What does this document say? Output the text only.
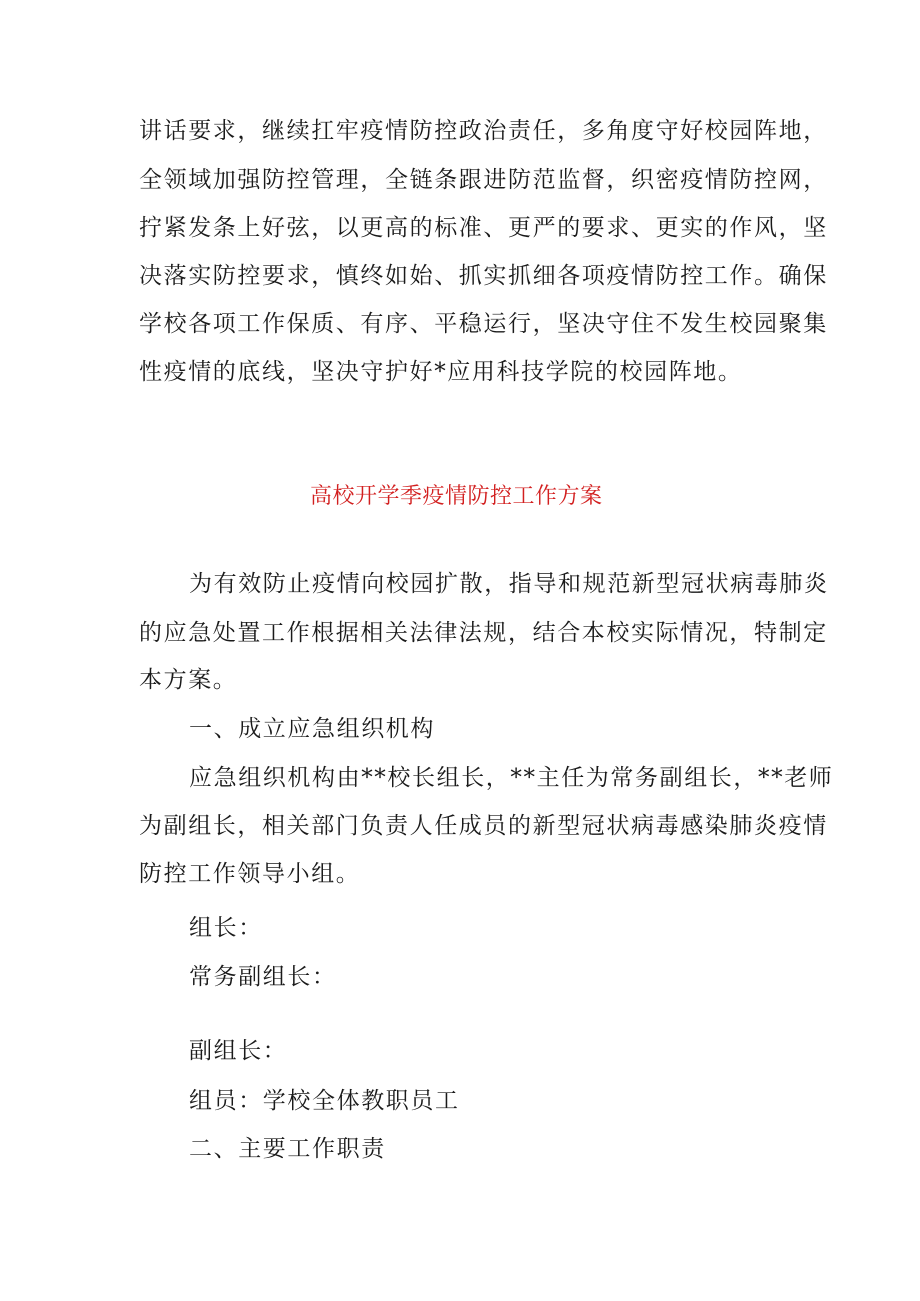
讲话要求，继续扛牢疫情防控政治责任，多角度守好校园阵地，
全领域加强防控管理，全链条跟进防范监督，织密疫情防控网，
拧紧发条上好弦，以更高的标准、更严的要求、更实的作风，坚
决落实防控要求，慎终如始、抓实抓细各项疫情防控工作。确保
学校各项工作保质、有序、平稳运行，坚决守住不发生校园聚集
性疫情的底线，坚决守护好*应用科技学院的校园阵地。
高校开学季疫情防控工作方案
为有效防止疫情向校园扩散，指导和规范新型冠状病毒肺炎
的应急处置工作根据相关法律法规，结合本校实际情况，特制定
本方案。
一、成立应急组织机构
应急组织机构由**校长组长，**主任为常务副组长，**老师
为副组长，相关部门负责人任成员的新型冠状病毒感染肺炎疫情
防控工作领导小组。
组长：
常务副组长：
副组长：
组员：学校全体教职员工
二、主要工作职责
